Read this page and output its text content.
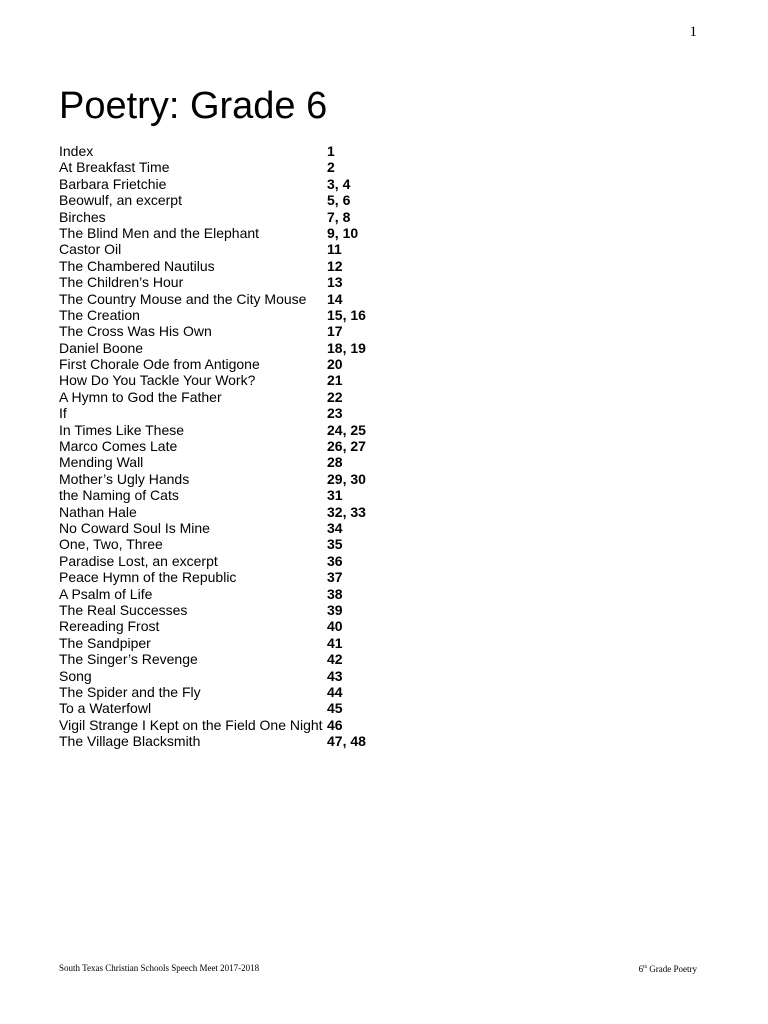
1
Poetry: Grade 6
Index	1
At Breakfast Time	2
Barbara Frietchie	3, 4
Beowulf, an excerpt	5, 6
Birches	7, 8
The Blind Men and the Elephant	9, 10
Castor Oil	11
The Chambered Nautilus	12
The Children’s Hour	13
The Country Mouse and the City Mouse	14
The Creation	15, 16
The Cross Was His Own	17
Daniel Boone	18, 19
First Chorale Ode from Antigone	20
How Do You Tackle Your Work?	21
A Hymn to God the Father	22
If	23
In Times Like These	24, 25
Marco Comes Late	26, 27
Mending Wall	28
Mother’s Ugly Hands	29, 30
the Naming of Cats	31
Nathan Hale	32, 33
No Coward Soul Is Mine	34
One, Two, Three	35
Paradise Lost, an excerpt	36
Peace Hymn of the Republic	37
A Psalm of Life	38
The Real Successes	39
Rereading Frost	40
The Sandpiper	41
The Singer’s Revenge	42
Song	43
The Spider and the Fly	44
To a Waterfowl	45
Vigil Strange I Kept on the Field One Night 46
The Village Blacksmith	47, 48
South Texas Christian Schools Speech Meet 2017-2018	6th Grade Poetry
